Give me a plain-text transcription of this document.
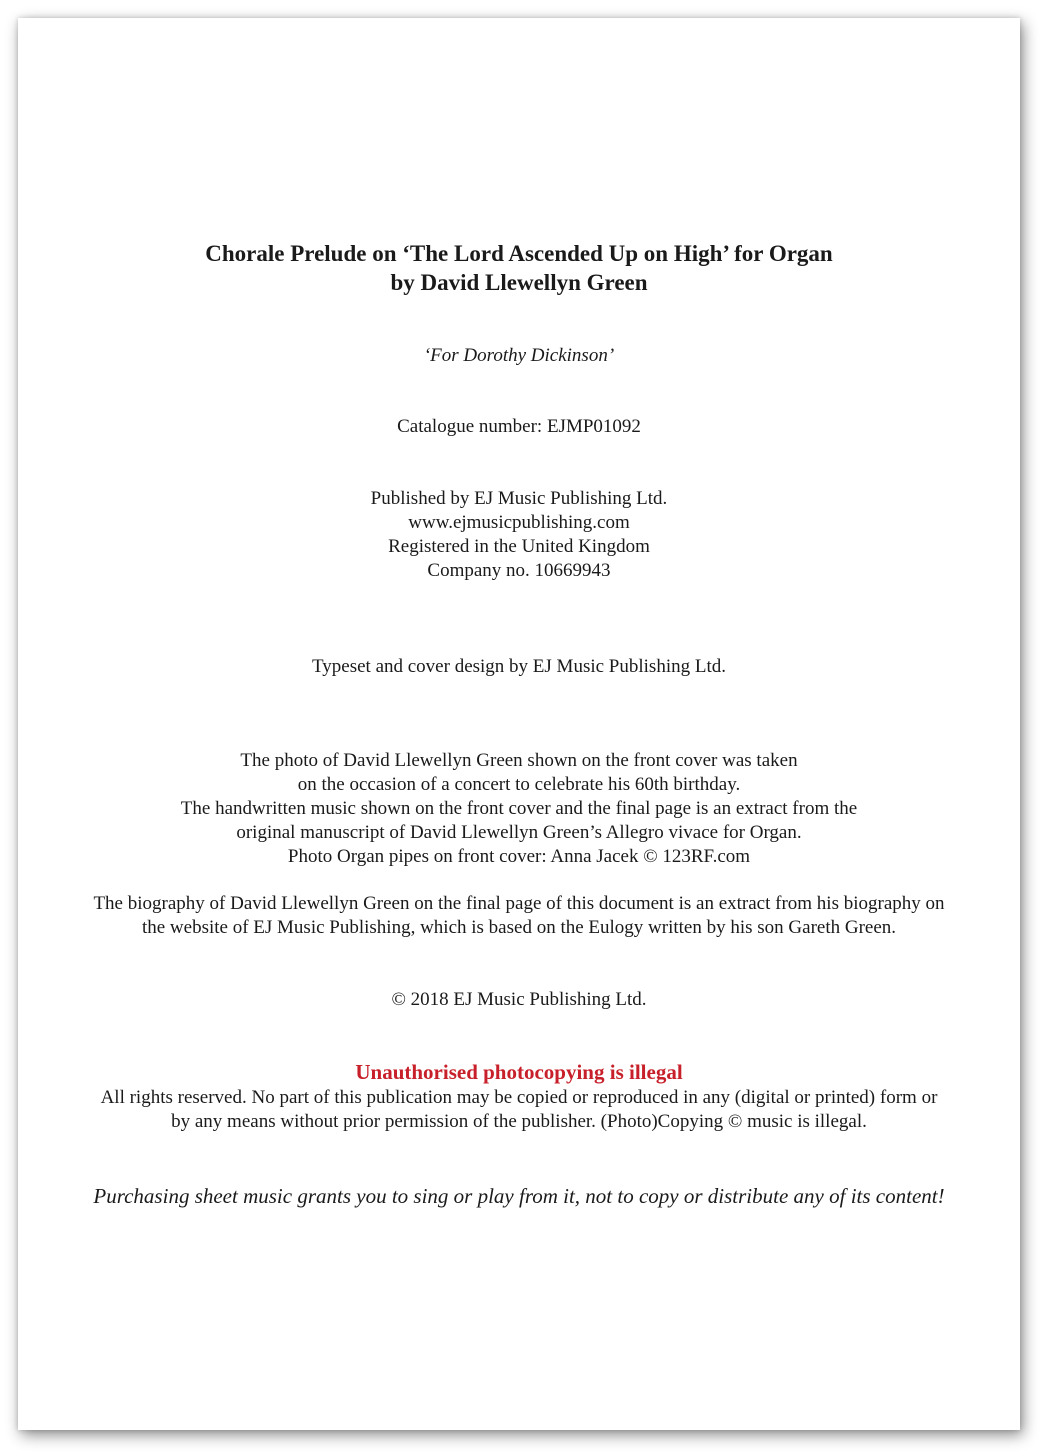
Chorale Prelude on ‘The Lord Ascended Up on High’ for Organ
by David Llewellyn Green
‘For Dorothy Dickinson’
Catalogue number: EJMP01092
Published by EJ Music Publishing Ltd.
www.ejmusicpublishing.com
Registered in the United Kingdom
Company no. 10669943
Typeset and cover design by EJ Music Publishing Ltd.
The photo of David Llewellyn Green shown on the front cover was taken
on the occasion of a concert to celebrate his 60th birthday.
The handwritten music shown on the front cover and the final page is an extract from the
original manuscript of David Llewellyn Green’s Allegro vivace for Organ.
Photo Organ pipes on front cover: Anna Jacek © 123RF.com
The biography of David Llewellyn Green on the final page of this document is an extract from his biography on
the website of EJ Music Publishing, which is based on the Eulogy written by his son Gareth Green.
© 2018 EJ Music Publishing Ltd.
Unauthorised photocopying is illegal
All rights reserved. No part of this publication may be copied or reproduced in any (digital or printed) form or
by any means without prior permission of the publisher. (Photo)Copying © music is illegal.
Purchasing sheet music grants you to sing or play from it, not to copy or distribute any of its content!
